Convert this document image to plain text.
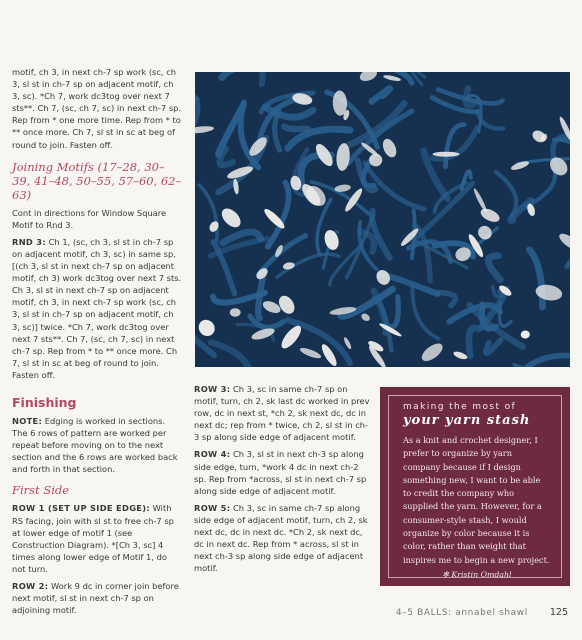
motif, ch 3, in next ch-7 sp work (sc, ch 3, sl st in ch-7 sp on adjacent motif, ch 3, sc). *Ch 7, work dc3tog over next 7 sts**. Ch 7, (sc, ch 7, sc) in next ch-7 sp. Rep from * one more time. Rep from * to ** once more. Ch 7, sl st in sc at beg of round to join. Fasten off.

Joining Motifs (17–28, 30–39, 41–48, 50–55, 57–60, 62–63)

Cont in directions for Window Square Motif to Rnd 3.

RND 3: Ch 1, (sc, ch 3, sl st in ch-7 sp on adjacent motif, ch 3, sc) in same sp, [(ch 3, sl st in next ch-7 sp on adjacent motif, ch 3) work dc3tog over next 7 sts. Ch 3, sl st in next ch-7 sp on adjacent motif, ch 3, in next ch-7 sp work (sc, ch 3, sl st in ch-7 sp on adjacent motif, ch 3, sc)] twice. *Ch 7, work dc3tog over next 7 sts**. Ch 7, (sc, ch 7, sc) in next ch-7 sp. Rep from * to ** once more. Ch 7, sl st in sc at beg of round to join. Fasten off.

Finishing

NOTE: Edging is worked in sections. The 6 rows of pattern are worked per repeat before moving on to the next section and the 6 rows are worked back and forth in that section.

First Side

ROW 1 (SET UP SIDE EDGE): With RS facing, join with sl st to free ch-7 sp at lower edge of motif 1 (see Construction Diagram). *[Ch 3, sc] 4 times along lower edge of Motif 1, do not turn.

ROW 2: Work 9 dc in corner join before next motif, sl st in next ch-7 sp on adjoining motif.

ROW 3: Ch 3, sc in same ch-7 sp on motif, turn, ch 2, sk last dc worked in prev row, dc in next st, *ch 2, sk next dc, dc in next dc; rep from * twice, ch 2, sl st in ch-3 sp along side edge of adjacent motif.

ROW 4: Ch 3, sl st in next ch-3 sp along side edge, turn, *work 4 dc in next ch-2 sp. Rep from *across, sl st in next ch-7 sp along side edge of adjacent motif.

ROW 5: Ch 3, sc in same ch-7 sp along side edge of adjacent motif, turn, ch 2, sk next dc, dc in next dc. *Ch 2, sk next dc, dc in next dc. Rep from * across, sl st in next ch-3 sp along side edge of adjacent motif.

making the most of
your yarn stash
As a knit and crochet designer, I prefer to organize by yarn company because if I design something new, I want to be able to credit the company who supplied the yarn. However, for a consumer-style stash, I would organize by color because it is color, rather than weight that inspires me to begin a new project.
✻ Kristin Omdahl
4–5 BALLS: annabel shawl 125
